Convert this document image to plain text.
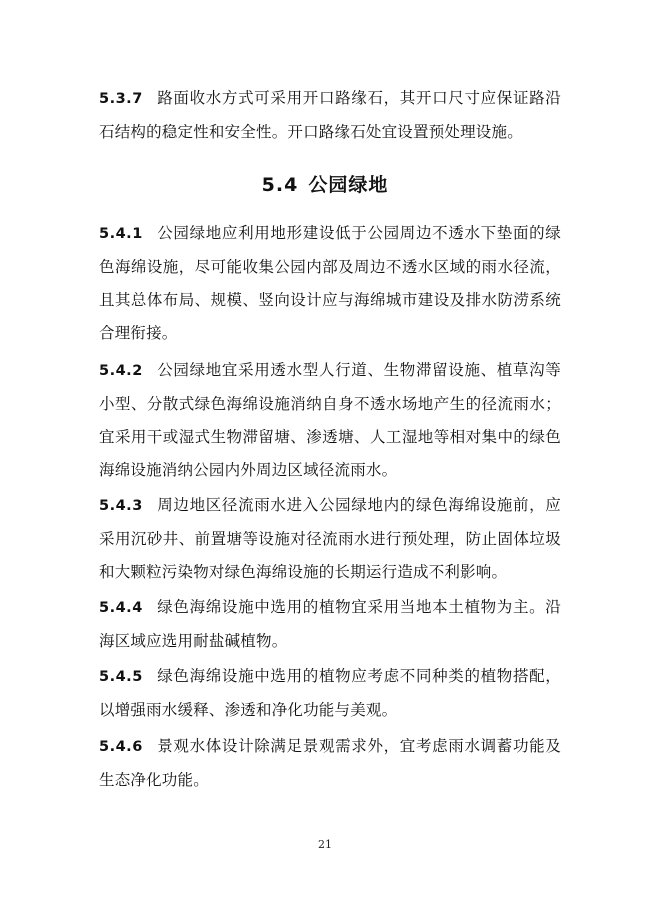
5.3.7 路面收水方式可采用开口路缘石，其开口尺寸应保证路沿石结构的稳定性和安全性。开口路缘石处宜设置预处理设施。

5.4 公园绿地

5.4.1 公园绿地应利用地形建设低于公园周边不透水下垫面的绿色海绵设施，尽可能收集公园内部及周边不透水区域的雨水径流，且其总体布局、规模、竖向设计应与海绵城市建设及排水防涝系统合理衔接。

5.4.2 公园绿地宜采用透水型人行道、生物滞留设施、植草沟等小型、分散式绿色海绵设施消纳自身不透水场地产生的径流雨水；宜采用干或湿式生物滞留塘、渗透塘、人工湿地等相对集中的绿色海绵设施消纳公园内外周边区域径流雨水。

5.4.3 周边地区径流雨水进入公园绿地内的绿色海绵设施前，应采用沉砂井、前置塘等设施对径流雨水进行预处理，防止固体垃圾和大颗粒污染物对绿色海绵设施的长期运行造成不利影响。

5.4.4 绿色海绵设施中选用的植物宜采用当地本土植物为主。沿海区域应选用耐盐碱植物。

5.4.5 绿色海绵设施中选用的植物应考虑不同种类的植物搭配，以增强雨水缓释、渗透和净化功能与美观。

5.4.6 景观水体设计除满足景观需求外，宜考虑雨水调蓄功能及生态净化功能。

21
